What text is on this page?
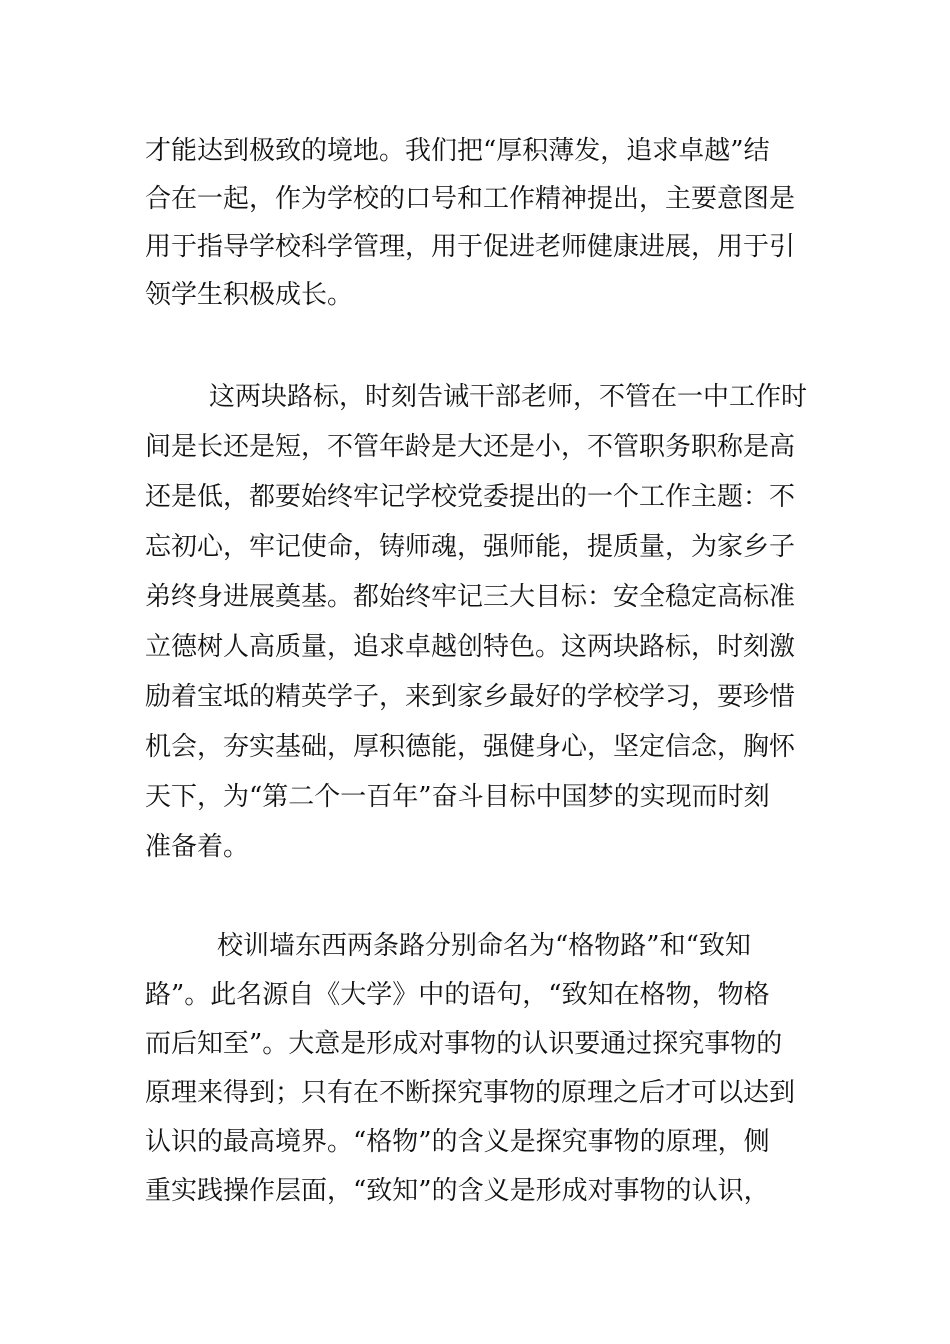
才能达到极致的境地。我们把“厚积薄发，追求卓越”结
合在一起，作为学校的口号和工作精神提出，主要意图是
用于指导学校科学管理，用于促进老师健康进展，用于引
领学生积极成长。
这两块路标，时刻告诫干部老师，不管在一中工作时
间是长还是短，不管年龄是大还是小，不管职务职称是高
还是低，都要始终牢记学校党委提出的一个工作主题：不
忘初心，牢记使命，铸师魂，强师能，提质量，为家乡子
弟终身进展奠基。都始终牢记三大目标：安全稳定高标准
立德树人高质量，追求卓越创特色。这两块路标，时刻激
励着宝坻的精英学子，来到家乡最好的学校学习，要珍惜
机会，夯实基础，厚积德能，强健身心，坚定信念，胸怀
天下，为“第二个一百年”奋斗目标中国梦的实现而时刻
准备着。
校训墙东西两条路分别命名为“格物路”和“致知
路”。此名源自《大学》中的语句，“致知在格物，物格
而后知至”。大意是形成对事物的认识要通过探究事物的
原理来得到；只有在不断探究事物的原理之后才可以达到
认识的最高境界。“格物”的含义是探究事物的原理，侧
重实践操作层面，“致知”的含义是形成对事物的认识，
